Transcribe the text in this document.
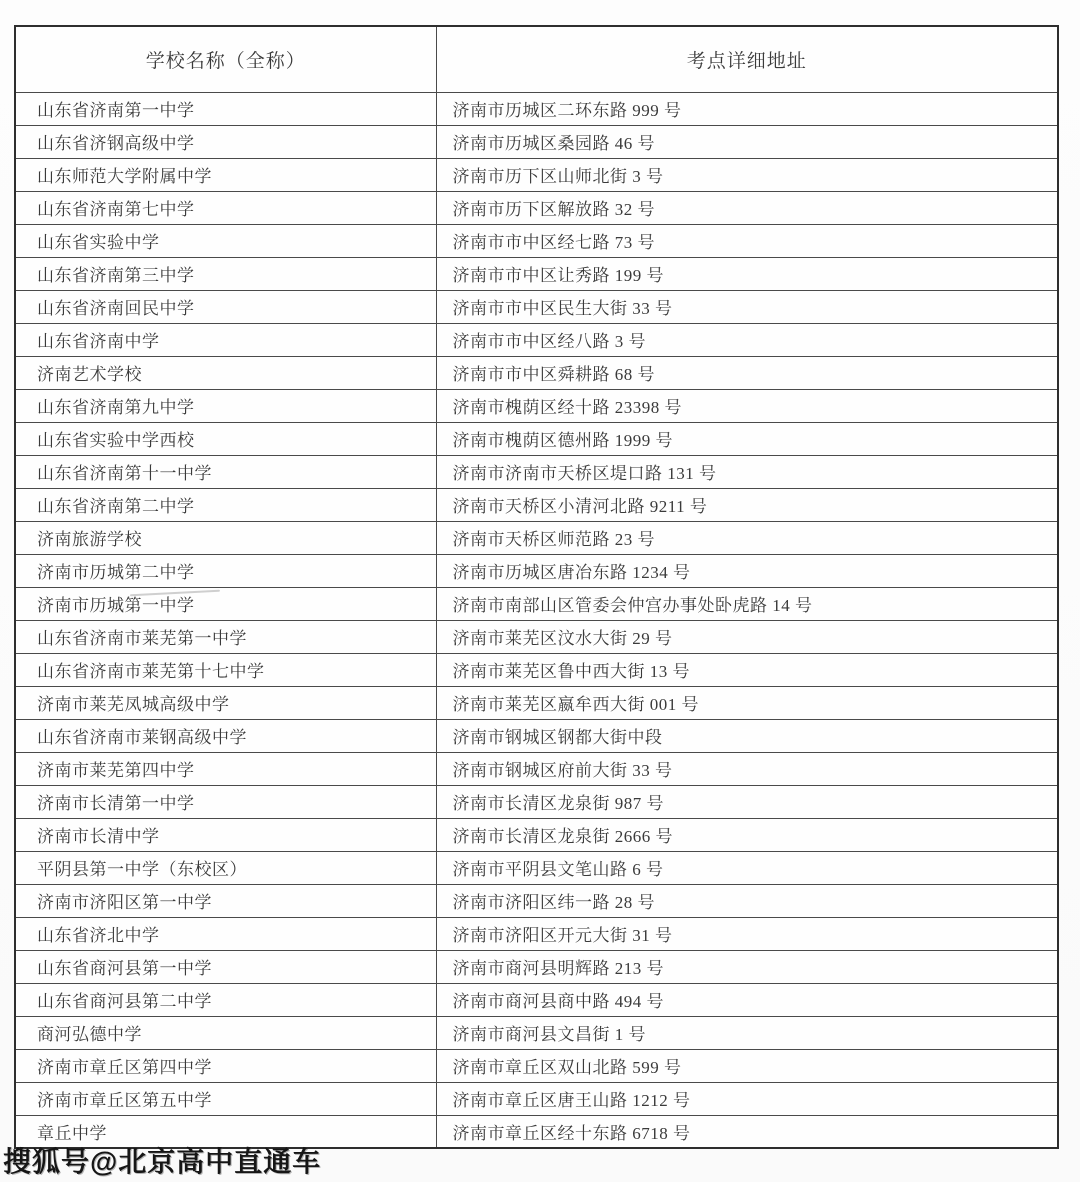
学校名称（全称）	考点详细地址
山东省济南第一中学	济南市历城区二环东路 999 号
山东省济钢高级中学	济南市历城区桑园路 46 号
山东师范大学附属中学	济南市历下区山师北街 3 号
山东省济南第七中学	济南市历下区解放路 32 号
山东省实验中学	济南市市中区经七路 73 号
山东省济南第三中学	济南市市中区让秀路 199 号
山东省济南回民中学	济南市市中区民生大街 33 号
山东省济南中学	济南市市中区经八路 3 号
济南艺术学校	济南市市中区舜耕路 68 号
山东省济南第九中学	济南市槐荫区经十路 23398 号
山东省实验中学西校	济南市槐荫区德州路 1999 号
山东省济南第十一中学	济南市济南市天桥区堤口路 131 号
山东省济南第二中学	济南市天桥区小清河北路 9211 号
济南旅游学校	济南市天桥区师范路 23 号
济南市历城第二中学	济南市历城区唐冶东路 1234 号
济南市历城第一中学	济南市南部山区管委会仲宫办事处卧虎路 14 号
山东省济南市莱芜第一中学	济南市莱芜区汶水大街 29 号
山东省济南市莱芜第十七中学	济南市莱芜区鲁中西大街 13 号
济南市莱芜凤城高级中学	济南市莱芜区嬴牟西大街 001 号
山东省济南市莱钢高级中学	济南市钢城区钢都大街中段
济南市莱芜第四中学	济南市钢城区府前大街 33 号
济南市长清第一中学	济南市长清区龙泉街 987 号
济南市长清中学	济南市长清区龙泉街 2666 号
平阴县第一中学（东校区）	济南市平阴县文笔山路 6 号
济南市济阳区第一中学	济南市济阳区纬一路 28 号
山东省济北中学	济南市济阳区开元大街 31 号
山东省商河县第一中学	济南市商河县明辉路 213 号
山东省商河县第二中学	济南市商河县商中路 494 号
商河弘德中学	济南市商河县文昌街 1 号
济南市章丘区第四中学	济南市章丘区双山北路 599 号
济南市章丘区第五中学	济南市章丘区唐王山路 1212 号
章丘中学	济南市章丘区经十东路 6718 号
搜狐号@北京高中直通车
